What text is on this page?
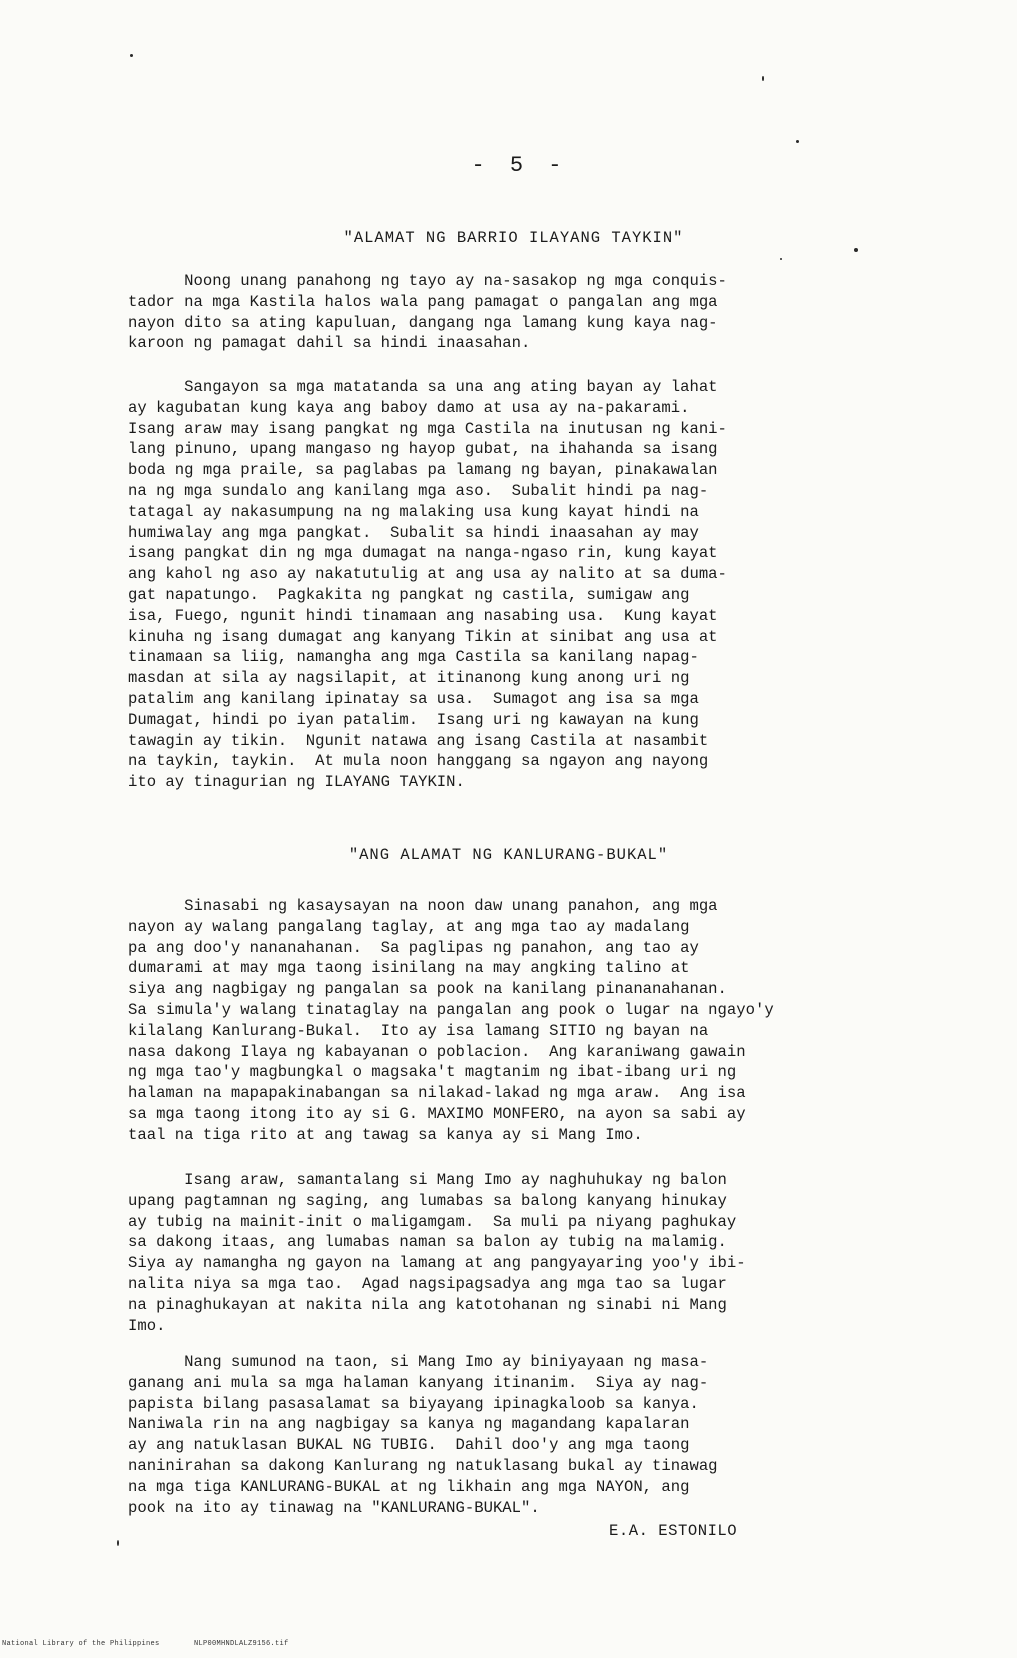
- 5 -
"ALAMAT NG BARRIO ILAYANG TAYKIN"
Noong unang panahong ng tayo ay na-sasakop ng mga conquis-
tador na mga Kastila halos wala pang pamagat o pangalan ang mga
nayon dito sa ating kapuluan, dangang nga lamang kung kaya nag-
karoon ng pamagat dahil sa hindi inaasahan.
Sangayon sa mga matatanda sa una ang ating bayan ay lahat
ay kagubatan kung kaya ang baboy damo at usa ay na-pakarami.
Isang araw may isang pangkat ng mga Castila na inutusan ng kani-
lang pinuno, upang mangaso ng hayop gubat, na ihahanda sa isang
boda ng mga praile, sa paglabas pa lamang ng bayan, pinakawalan
na ng mga sundalo ang kanilang mga aso.  Subalit hindi pa nag-
tatagal ay nakasumpung na ng malaking usa kung kayat hindi na
humiwalay ang mga pangkat.  Subalit sa hindi inaasahan ay may
isang pangkat din ng mga dumagat na nanga-ngaso rin, kung kayat
ang kahol ng aso ay nakatutulig at ang usa ay nalito at sa duma-
gat napatungo.  Pagkakita ng pangkat ng castila, sumigaw ang
isa, Fuego, ngunit hindi tinamaan ang nasabing usa.  Kung kayat
kinuha ng isang dumagat ang kanyang Tikin at sinibat ang usa at
tinamaan sa liig, namangha ang mga Castila sa kanilang napag-
masdan at sila ay nagsilapit, at itinanong kung anong uri ng
patalim ang kanilang ipinatay sa usa.  Sumagot ang isa sa mga
Dumagat, hindi po iyan patalim.  Isang uri ng kawayan na kung
tawagin ay tikin.  Ngunit natawa ang isang Castila at nasambit
na taykin, taykin.  At mula noon hanggang sa ngayon ang nayong
ito ay tinagurian ng ILAYANG TAYKIN.
"ANG ALAMAT NG KANLURANG-BUKAL"
Sinasabi ng kasaysayan na noon daw unang panahon, ang mga
nayon ay walang pangalang taglay, at ang mga tao ay madalang
pa ang doo'y nananahanan.  Sa paglipas ng panahon, ang tao ay
dumarami at may mga taong isinilang na may angking talino at
siya ang nagbigay ng pangalan sa pook na kanilang pinananahanan.
Sa simula'y walang tinataglay na pangalan ang pook o lugar na ngayo'y
kilalang Kanlurang-Bukal.  Ito ay isa lamang SITIO ng bayan na
nasa dakong Ilaya ng kabayanan o poblacion.  Ang karaniwang gawain
ng mga tao'y magbungkal o magsaka't magtanim ng ibat-ibang uri ng
halaman na mapapakinabangan sa nilakad-lakad ng mga araw.  Ang isa
sa mga taong itong ito ay si G. MAXIMO MONFERO, na ayon sa sabi ay
taal na tiga rito at ang tawag sa kanya ay si Mang Imo.
Isang araw, samantalang si Mang Imo ay naghuhukay ng balon
upang pagtamnan ng saging, ang lumabas sa balong kanyang hinukay
ay tubig na mainit-init o maligamgam.  Sa muli pa niyang paghukay
sa dakong itaas, ang lumabas naman sa balon ay tubig na malamig.
Siya ay namangha ng gayon na lamang at ang pangyayaring yoo'y ibi-
nalita niya sa mga tao.  Agad nagsipagsadya ang mga tao sa lugar
na pinaghukayan at nakita nila ang katotohanan ng sinabi ni Mang
Imo.
Nang sumunod na taon, si Mang Imo ay biniyayaan ng masa-
ganang ani mula sa mga halaman kanyang itinanim.  Siya ay nag-
papista bilang pasasalamat sa biyayang ipinagkaloob sa kanya.
Naniwala rin na ang nagbigay sa kanya ng magandang kapalaran
ay ang natuklasan BUKAL NG TUBIG.  Dahil doo'y ang mga taong
naninirahan sa dakong Kanlurang ng natuklasang bukal ay tinawag
na mga tiga KANLURANG-BUKAL at ng likhain ang mga NAYON, ang
pook na ito ay tinawag na "KANLURANG-BUKAL".
E.A. ESTONILO
National Library of the Philippines	NLP00MHNDLALZ9156.tif
